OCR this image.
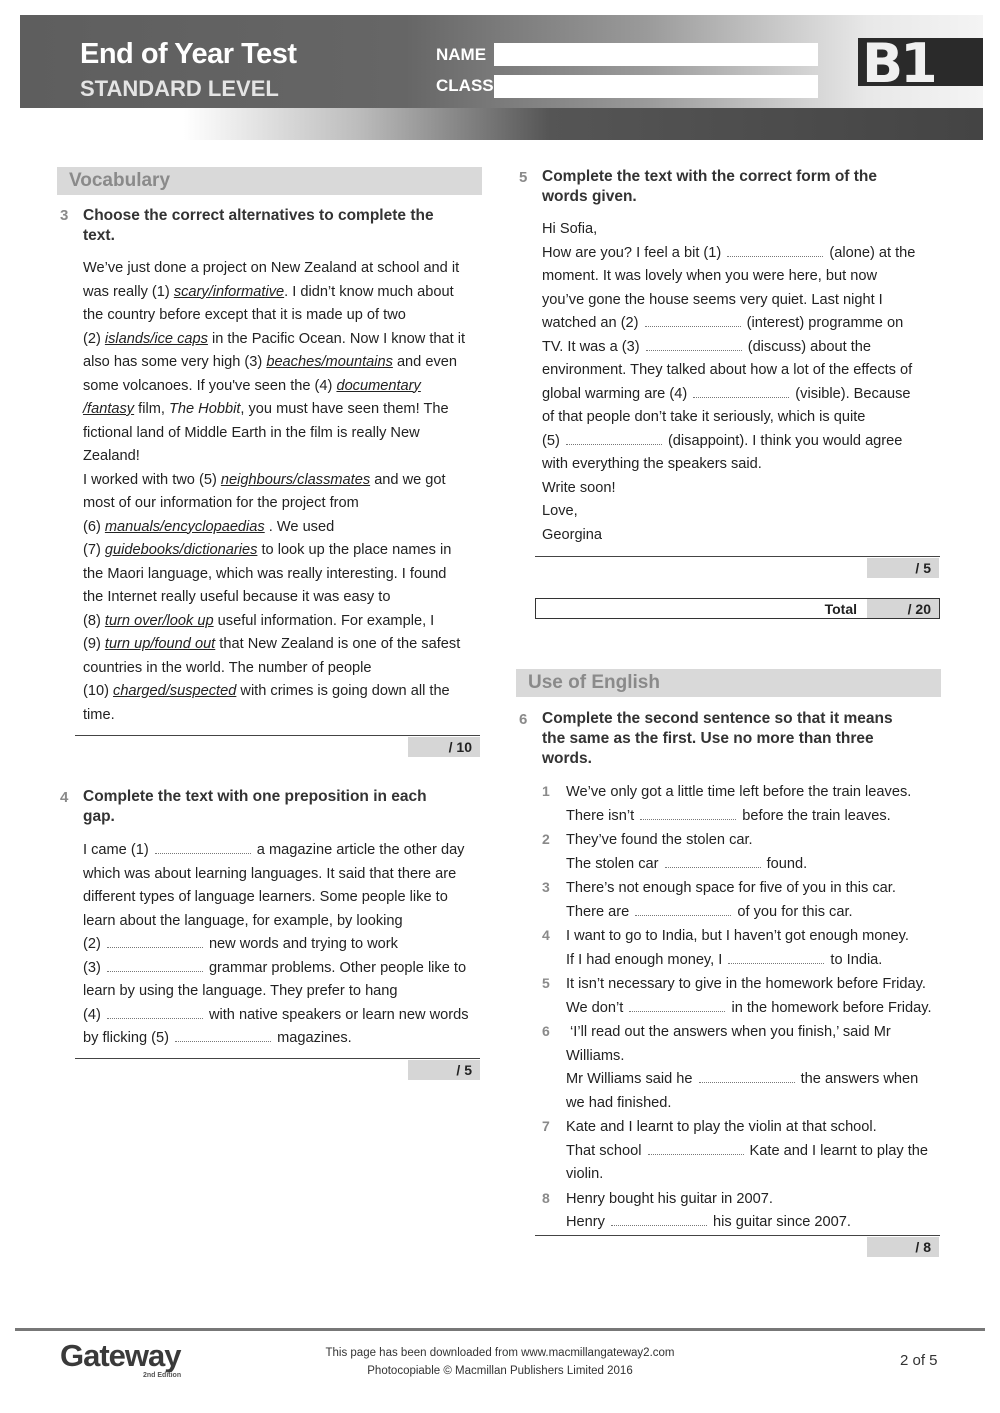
End of Year Test
STANDARD LEVEL
NAME
CLASS	B1
Vocabulary
3 Choose the correct alternatives to complete the
text.
We’ve just done a project on New Zealand at school and it
was really (1) scary/informative. I didn’t know much about
the country before except that it is made up of two
(2) islands/ice caps in the Pacific Ocean. Now I know that it
also has some very high (3) beaches/mountains and even
some volcanoes. If you've seen the (4) documentary
/fantasy film, The Hobbit, you must have seen them! The
fictional land of Middle Earth in the film is really New
Zealand!
I worked with two (5) neighbours/classmates and we got
most of our information for the project from
(6) manuals/encyclopaedias . We used
(7) guidebooks/dictionaries to look up the place names in
the Maori language, which was really interesting. I found
the Internet really useful because it was easy to
(8) turn over/look up useful information. For example, I
(9) turn up/found out that New Zealand is one of the safest
countries in the world. The number of people
(10) charged/suspected with crimes is going down all the
time.
/ 10
4 Complete the text with one preposition in each
gap.
I came (1)	a magazine article the other day
which was about learning languages. It said that there are
different types of language learners. Some people like to
learn about the language, for example, by looking
(2)	new words and trying to work
(3)	grammar problems. Other people like to
learn by using the language. They prefer to hang
(4)	with native speakers or learn new words
by flicking (5)	magazines.
/ 5
5 Complete the text with the correct form of the
words given.
Hi Sofia,
How are you? I feel a bit (1)	(alone) at the
moment. It was lovely when you were here, but now
you’ve gone the house seems very quiet. Last night I
watched an (2)	(interest) programme on
TV. It was a (3)	(discuss) about the
environment. They talked about how a lot of the effects of
global warming are (4)	(visible). Because
of that people don’t take it seriously, which is quite
(5)	(disappoint). I think you would agree
with everything the speakers said.
Write soon!
Love,
Georgina
/ 5
Total	/ 20
Use of English
6 Complete the second sentence so that it means
the same as the first. Use no more than three
words.
1 We’ve only got a little time left before the train leaves.
There isn’t	before the train leaves.
2 They’ve found the stolen car.
The stolen car	found.
3 There’s not enough space for five of you in this car.
There are	of you for this car.
4 I want to go to India, but I haven’t got enough money.
If I had enough money, I	to India.
5 It isn’t necessary to give in the homework before Friday.
We don’t	in the homework before Friday.
6 ‘I’ll read out the answers when you finish,’ said Mr
Williams.
Mr Williams said he	the answers when
we had finished.
7 Kate and I learnt to play the violin at that school.
That school	Kate and I learnt to play the
violin.
8 Henry bought his guitar in 2007.
Henry	his guitar since 2007.
/ 8
Gateway
2nd Edition
This page has been downloaded from www.macmillangateway2.com
Photocopiable © Macmillan Publishers Limited 2016
2 of 5
